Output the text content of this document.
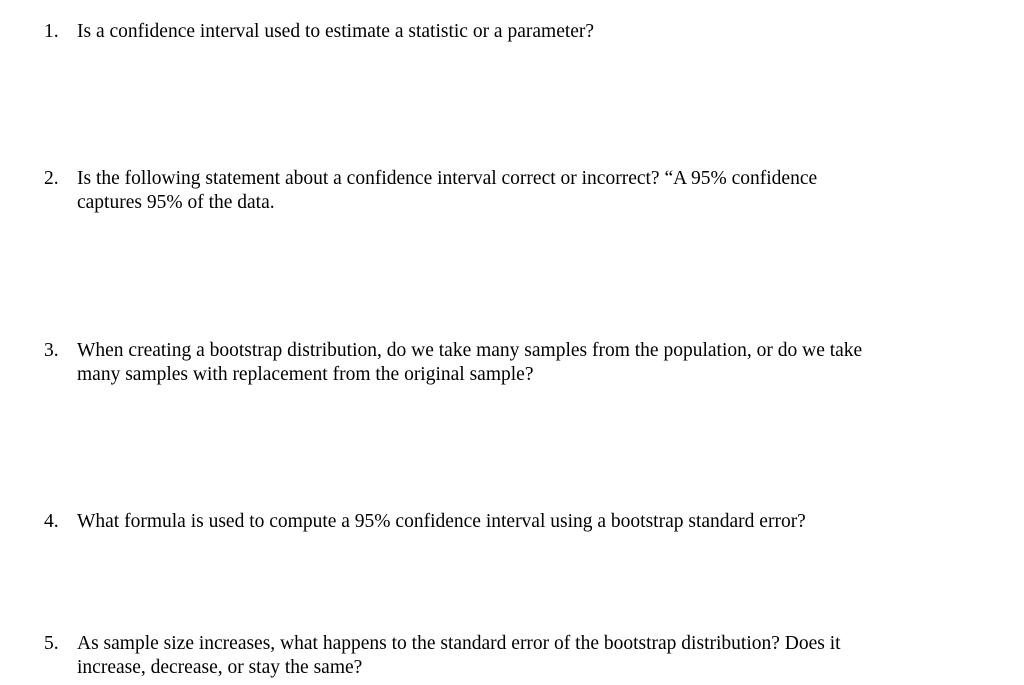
1. Is a confidence interval used to estimate a statistic or a parameter?
2. Is the following statement about a confidence interval correct or incorrect? “A 95% confidence
captures 95% of the data.
3. When creating a bootstrap distribution, do we take many samples from the population, or do we take
many samples with replacement from the original sample?
4. What formula is used to compute a 95% confidence interval using a bootstrap standard error?
5. As sample size increases, what happens to the standard error of the bootstrap distribution? Does it
increase, decrease, or stay the same?
